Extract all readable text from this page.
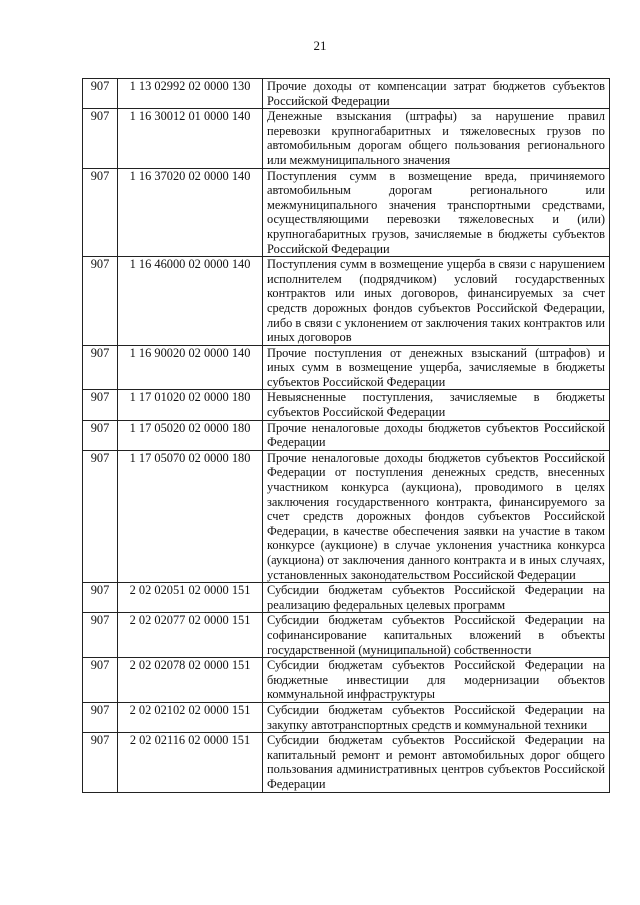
21
907	1 13 02992 02 0000 130	Прочие доходы от компенсации затрат бюджетов субъектов Российской Федерации
907	1 16 30012 01 0000 140	Денежные взыскания (штрафы) за нарушение правил перевозки крупногабаритных и тяжеловесных грузов по автомобильным дорогам общего пользования регионального или межмуниципального значения
907	1 16 37020 02 0000 140	Поступления сумм в возмещение вреда, причиняемого автомобильным дорогам регионального или межмуниципального значения транспортными средствами, осуществляющими перевозки тяжеловесных и (или) крупногабаритных грузов, зачисляемые в бюджеты субъектов Российской Федерации
907	1 16 46000 02 0000 140	Поступления сумм в возмещение ущерба в связи с нарушением исполнителем (подрядчиком) условий государственных контрактов или иных договоров, финансируемых за счет средств дорожных фондов субъектов Российской Федерации, либо в связи с уклонением от заключения таких контрактов или иных договоров
907	1 16 90020 02 0000 140	Прочие поступления от денежных взысканий (штрафов) и иных сумм в возмещение ущерба, зачисляемые в бюджеты субъектов Российской Федерации
907	1 17 01020 02 0000 180	Невыясненные поступления, зачисляемые в бюджеты субъектов Российской Федерации
907	1 17 05020 02 0000 180	Прочие неналоговые доходы бюджетов субъектов Российской Федерации
907	1 17 05070 02 0000 180	Прочие неналоговые доходы бюджетов субъектов Российской Федерации от поступления денежных средств, внесенных участником конкурса (аукциона), проводимого в целях заключения государственного контракта, финансируемого за счет средств дорожных фондов субъектов Российской Федерации, в качестве обеспечения заявки на участие в таком конкурсе (аукционе) в случае уклонения участника конкурса (аукциона) от заключения данного контракта и в иных случаях, установленных законодательством Российской Федерации
907	2 02 02051 02 0000 151	Субсидии бюджетам субъектов Российской Федерации на реализацию федеральных целевых программ
907	2 02 02077 02 0000 151	Субсидии бюджетам субъектов Российской Федерации на софинансирование капитальных вложений в объекты государственной (муниципальной) собственности
907	2 02 02078 02 0000 151	Субсидии бюджетам субъектов Российской Федерации на бюджетные инвестиции для модернизации объектов коммунальной инфраструктуры
907	2 02 02102 02 0000 151	Субсидии бюджетам субъектов Российской Федерации на закупку автотранспортных средств и коммунальной техники
907	2 02 02116 02 0000 151	Субсидии бюджетам субъектов Российской Федерации на капитальный ремонт и ремонт автомобильных дорог общего пользования административных центров субъектов Российской Федерации
